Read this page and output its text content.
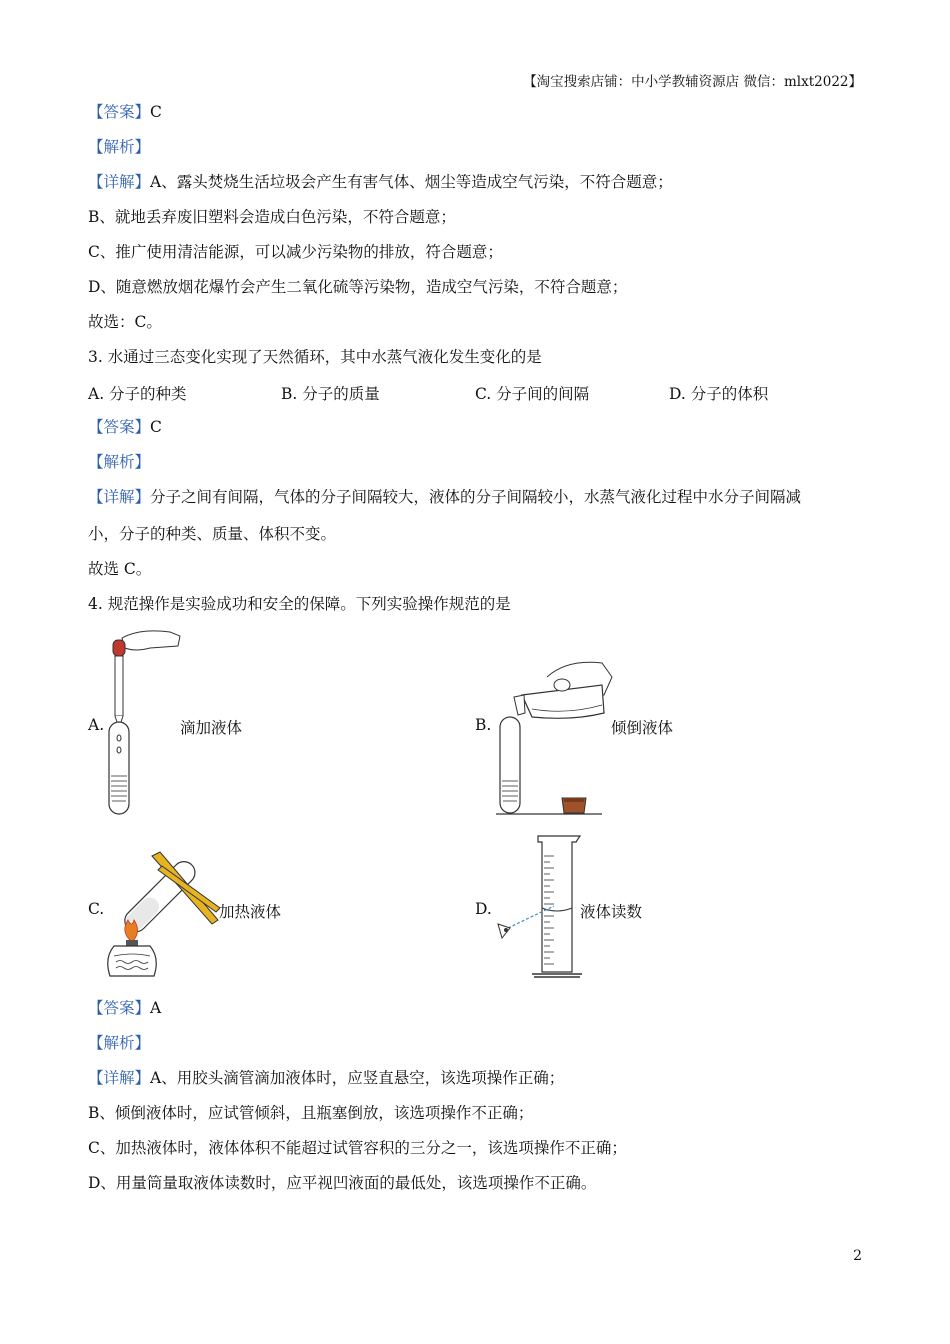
【淘宝搜索店铺：中小学教辅资源店 微信：mlxt2022】
【答案】C
【解析】
【详解】A、露头焚烧生活垃圾会产生有害气体、烟尘等造成空气污染，不符合题意；
B、就地丢弃废旧塑料会造成白色污染，不符合题意；
C、推广使用清洁能源，可以减少污染物的排放，符合题意；
D、随意燃放烟花爆竹会产生二氧化硫等污染物，造成空气污染，不符合题意；
故选：C。
3. 水通过三态变化实现了天然循环，其中水蒸气液化发生变化的是
A. 分子的种类	B. 分子的质量	C. 分子间的间隔	D. 分子的体积
【答案】C
【解析】
【详解】分子之间有间隔，气体的分子间隔较大，液体的分子间隔较小，水蒸气液化过程中水分子间隔减
小，分子的种类、质量、体积不变。
故选 C。
4. 规范操作是实验成功和安全的保障。下列实验操作规范的是
A.	滴加液体	B.	倾倒液体
C.	加热液体	D.	液体读数
【答案】A
【解析】
【详解】A、用胶头滴管滴加液体时，应竖直悬空，该选项操作正确；
B、倾倒液体时，应试管倾斜，且瓶塞倒放，该选项操作不正确；
C、加热液体时，液体体积不能超过试管容积的三分之一，该选项操作不正确；
D、用量筒量取液体读数时，应平视凹液面的最低处，该选项操作不正确。
2
